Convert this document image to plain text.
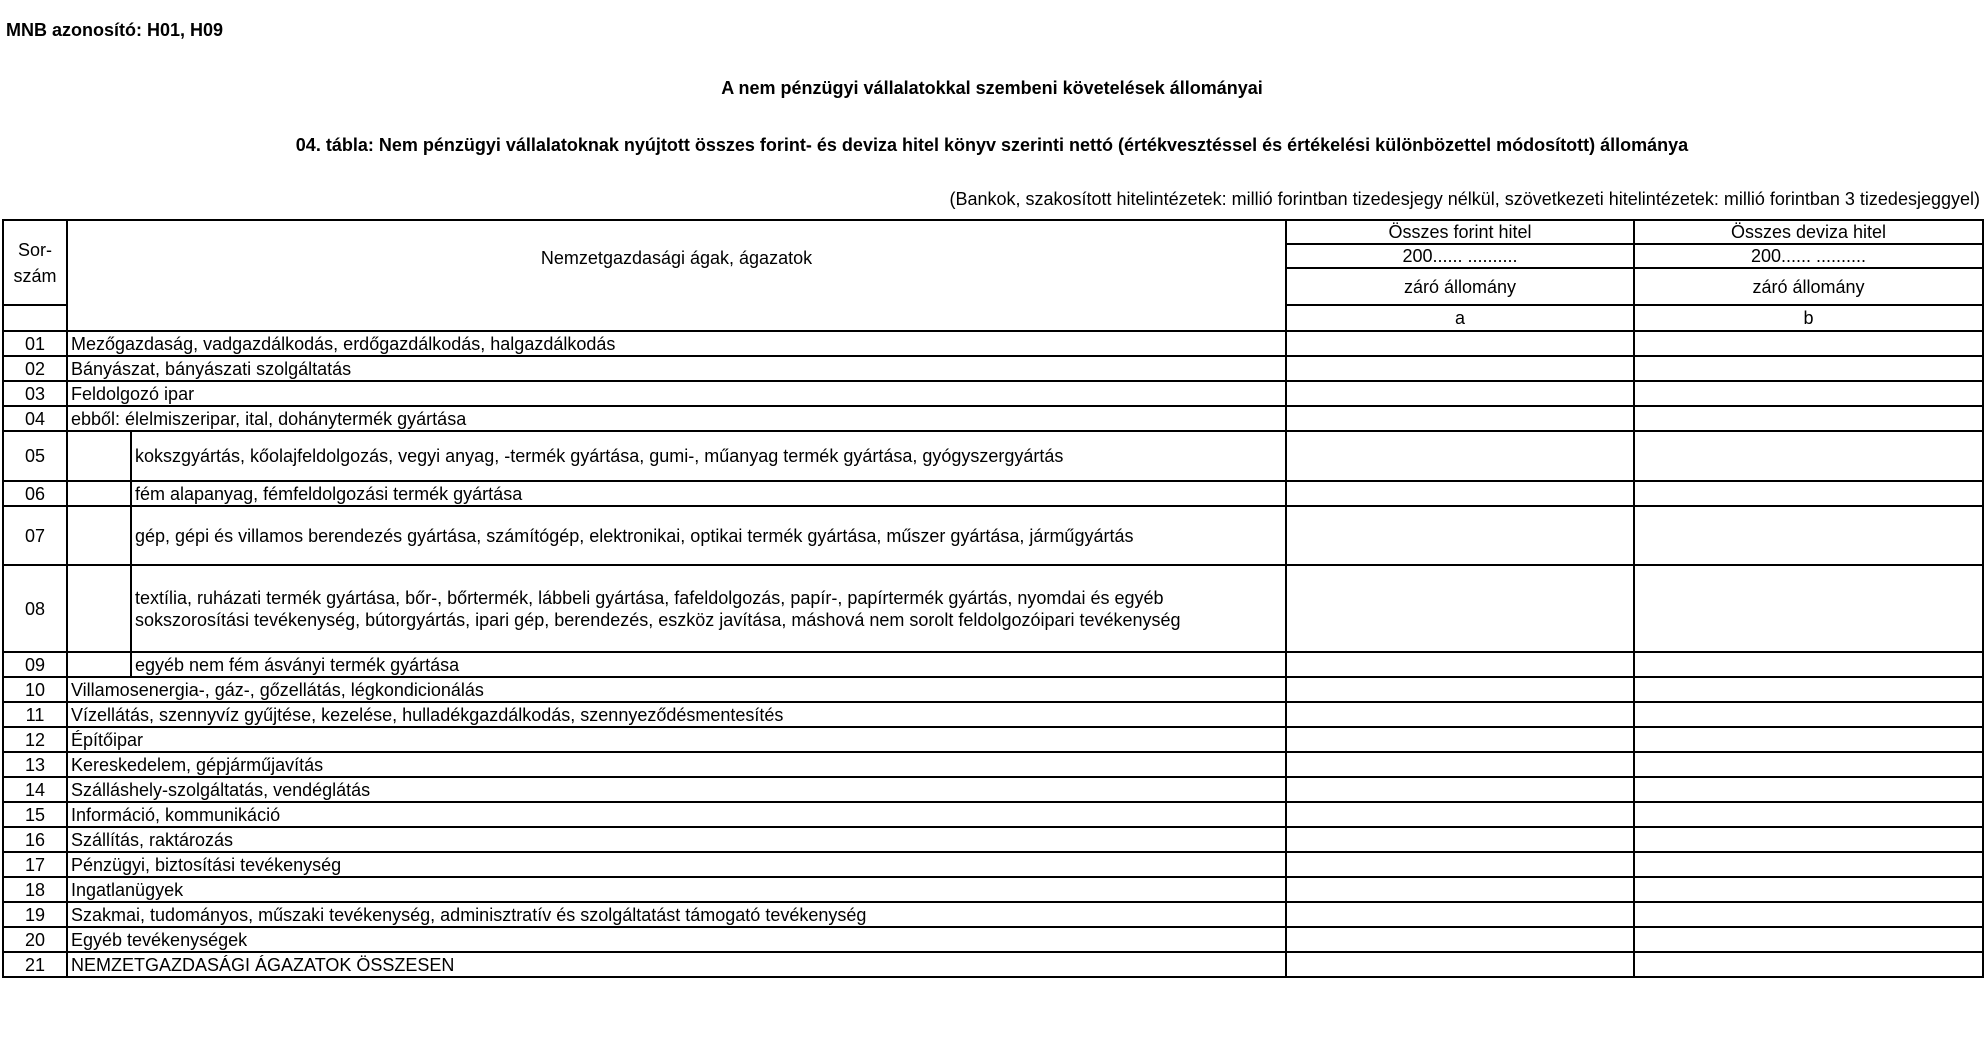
MNB azonosító: H01, H09
A nem pénzügyi vállalatokkal szembeni követelések állományai
04. tábla: Nem pénzügyi vállalatoknak nyújtott összes forint- és deviza hitel könyv szerinti nettó (értékvesztéssel és értékelési különbözettel módosított) állománya
(Bankok, szakosított hitelintézetek: millió forintban tizedesjegy nélkül, szövetkezeti hitelintézetek: millió forintban 3 tizedesjeggyel)
Sor-
szám	Nemzetgazdasági ágak, ágazatok		Összes forint hitel	Összes deviza hitel
			200...... ..........	200...... ..........
			záró állomány	záró állomány
			a	b
01	Mezőgazdaság, vadgazdálkodás, erdőgazdálkodás, halgazdálkodás			
02	Bányászat, bányászati szolgáltatás			
03	Feldolgozó ipar			
04	ebből: élelmiszeripar, ital, dohánytermék gyártása			
05		kokszgyártás, kőolajfeldolgozás, vegyi anyag, -termék gyártása, gumi-, műanyag termék gyártása, gyógyszergyártás		
06		fém alapanyag, fémfeldolgozási termék gyártása		
07		gép, gépi és villamos berendezés gyártása, számítógép, elektronikai, optikai termék gyártása, műszer gyártása, járműgyártás		
08		textília, ruházati termék gyártása, bőr-, bőrtermék, lábbeli gyártása, fafeldolgozás, papír-, papírtermék gyártás, nyomdai és egyéb sokszorosítási tevékenység, bútorgyártás, ipari gép, berendezés, eszköz javítása, máshová nem sorolt feldolgozóipari tevékenység		
09		egyéb nem fém ásványi termék gyártása		
10	Villamosenergia-, gáz-, gőzellátás, légkondicionálás			
11	Vízellátás, szennyvíz gyűjtése, kezelése, hulladékgazdálkodás, szennyeződésmentesítés			
12	Építőipar			
13	Kereskedelem, gépjárműjavítás			
14	Szálláshely-szolgáltatás, vendéglátás			
15	Információ, kommunikáció			
16	Szállítás, raktározás			
17	Pénzügyi, biztosítási tevékenység			
18	Ingatlanügyek			
19	Szakmai, tudományos, műszaki tevékenység, adminisztratív és szolgáltatást támogató tevékenység			
20	Egyéb tevékenységek			
21	NEMZETGAZDASÁGI ÁGAZATOK ÖSSZESEN			
